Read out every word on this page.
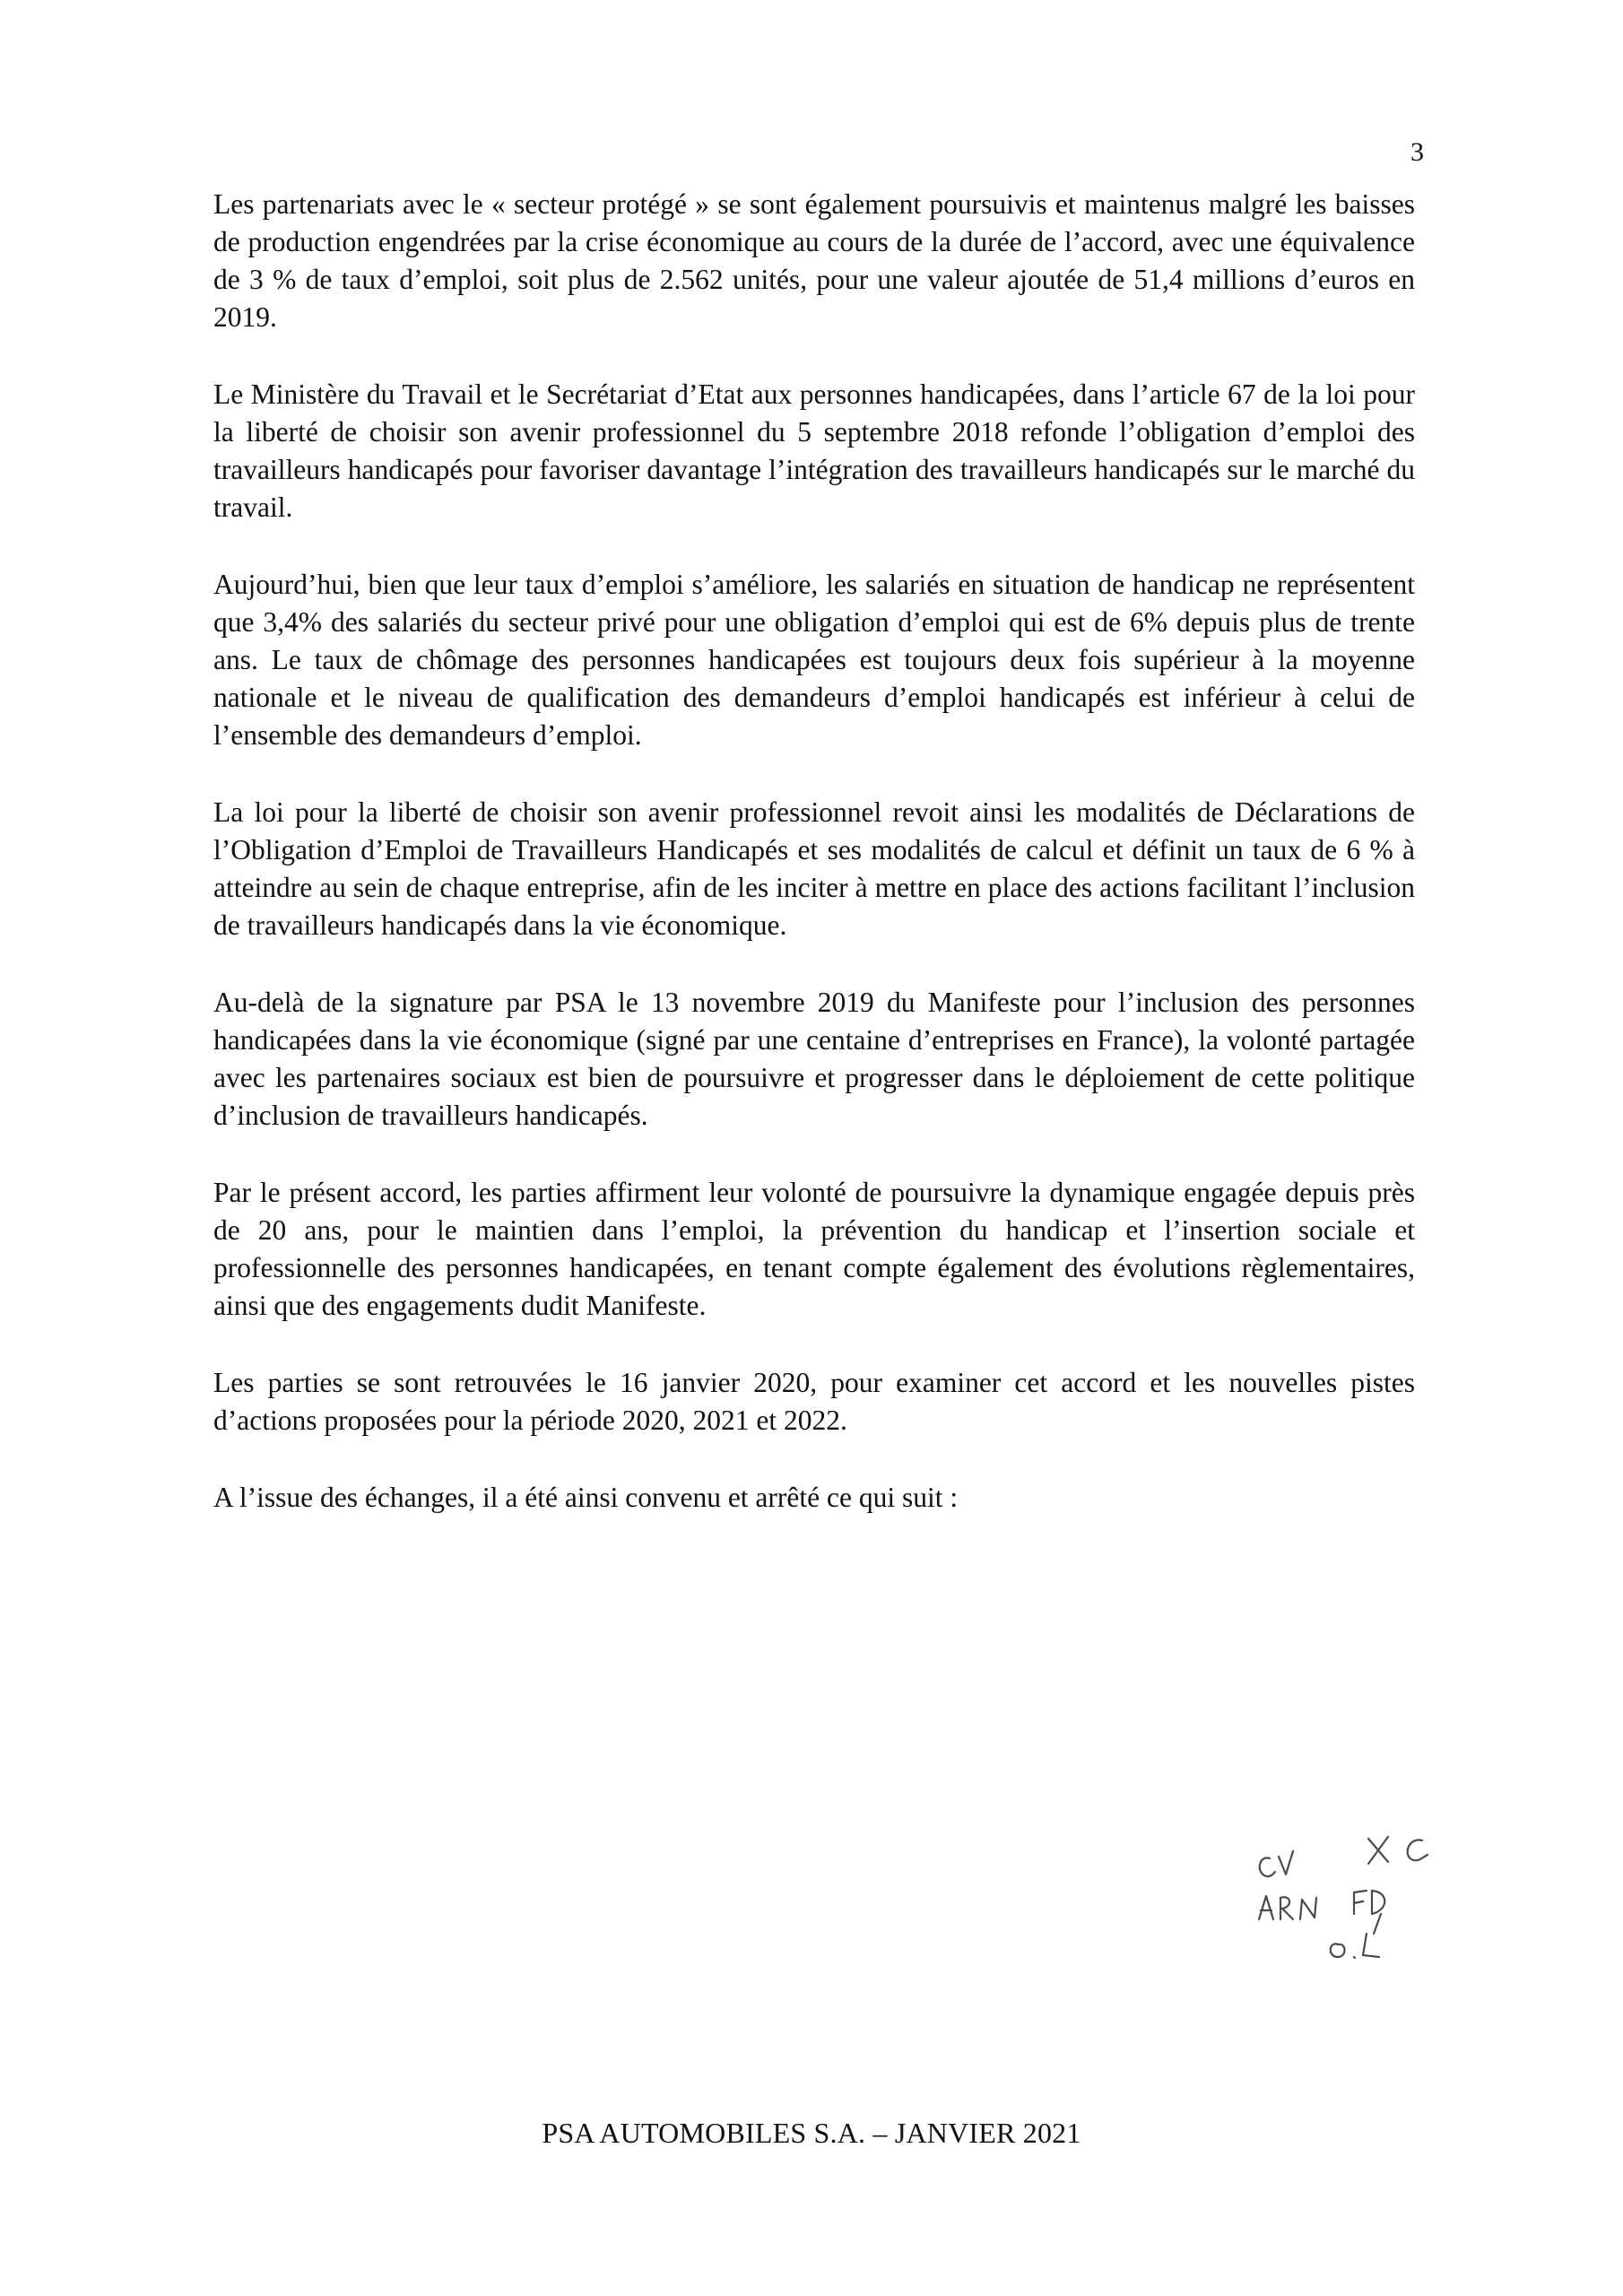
3

Les partenariats avec le « secteur protégé » se sont également poursuivis et maintenus malgré les baisses de production engendrées par la crise économique au cours de la durée de l’accord, avec une équivalence de 3 % de taux d’emploi, soit plus de 2.562 unités, pour une valeur ajoutée de 51,4 millions d’euros en 2019.

Le Ministère du Travail et le Secrétariat d’Etat aux personnes handicapées, dans l’article 67 de la loi pour la liberté de choisir son avenir professionnel du 5 septembre 2018 refonde l’obligation d’emploi des travailleurs handicapés pour favoriser davantage l’intégration des travailleurs handicapés sur le marché du travail.

Aujourd’hui, bien que leur taux d’emploi s’améliore, les salariés en situation de handicap ne représentent que 3,4% des salariés du secteur privé pour une obligation d’emploi qui est de 6% depuis plus de trente ans. Le taux de chômage des personnes handicapées est toujours deux fois supérieur à la moyenne nationale et le niveau de qualification des demandeurs d’emploi handicapés est inférieur à celui de l’ensemble des demandeurs d’emploi.

La loi pour la liberté de choisir son avenir professionnel revoit ainsi les modalités de Déclarations de l’Obligation d’Emploi de Travailleurs Handicapés et ses modalités de calcul et définit un taux de 6 % à atteindre au sein de chaque entreprise, afin de les inciter à mettre en place des actions facilitant l’inclusion de travailleurs handicapés dans la vie économique.

Au-delà de la signature par PSA le 13 novembre 2019 du Manifeste pour l’inclusion des personnes handicapées dans la vie économique (signé par une centaine d’entreprises en France), la volonté partagée avec les partenaires sociaux est bien de poursuivre et progresser dans le déploiement de cette politique d’inclusion de travailleurs handicapés.

Par le présent accord, les parties affirment leur volonté de poursuivre la dynamique engagée depuis près de 20 ans, pour le maintien dans l’emploi, la prévention du handicap et l’insertion sociale et professionnelle des personnes handicapées, en tenant compte également des évolutions règlementaires, ainsi que des engagements dudit Manifeste.

Les parties se sont retrouvées le 16 janvier 2020, pour examiner cet accord et les nouvelles pistes d’actions proposées pour la période 2020, 2021 et 2022.

A l’issue des échanges, il a été ainsi convenu et arrêté ce qui suit :

PSA AUTOMOBILES S.A. – JANVIER 2021
